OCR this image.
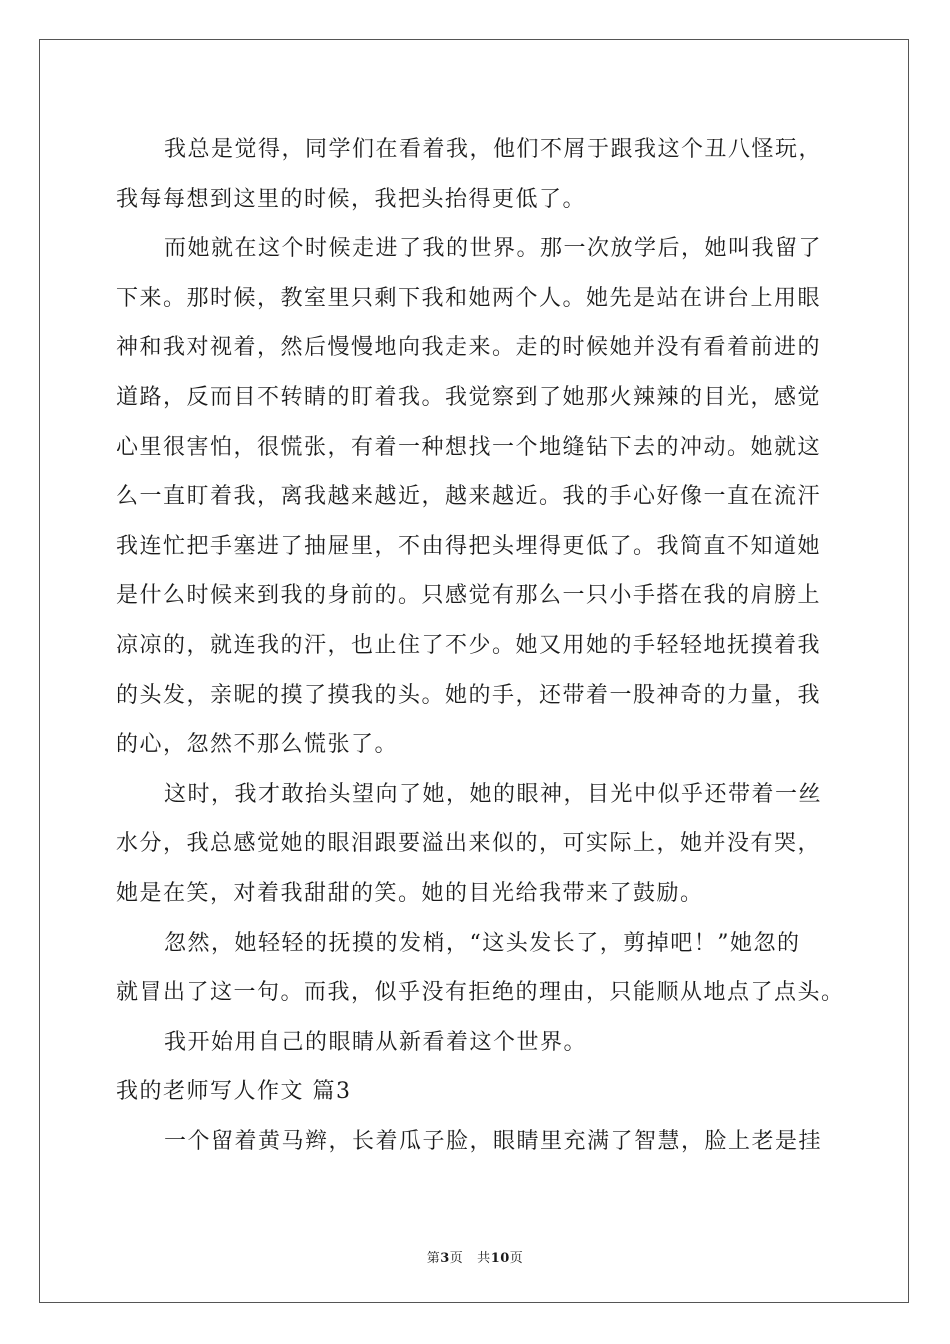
我总是觉得，同学们在看着我，他们不屑于跟我这个丑八怪玩，
我每每想到这里的时候，我把头抬得更低了。
而她就在这个时候走进了我的世界。那一次放学后，她叫我留了
下来。那时候，教室里只剩下我和她两个人。她先是站在讲台上用眼
神和我对视着，然后慢慢地向我走来。走的时候她并没有看着前进的
道路，反而目不转睛的盯着我。我觉察到了她那火辣辣的目光，感觉
心里很害怕，很慌张，有着一种想找一个地缝钻下去的冲动。她就这
么一直盯着我，离我越来越近，越来越近。我的手心好像一直在流汗
我连忙把手塞进了抽屉里，不由得把头埋得更低了。我简直不知道她
是什么时候来到我的身前的。只感觉有那么一只小手搭在我的肩膀上
凉凉的，就连我的汗，也止住了不少。她又用她的手轻轻地抚摸着我
的头发，亲昵的摸了摸我的头。她的手，还带着一股神奇的力量，我
的心，忽然不那么慌张了。
这时，我才敢抬头望向了她，她的眼神，目光中似乎还带着一丝
水分，我总感觉她的眼泪跟要溢出来似的，可实际上，她并没有哭，
她是在笑，对着我甜甜的笑。她的目光给我带来了鼓励。
忽然，她轻轻的抚摸的发梢，“这头发长了，剪掉吧！”她忽的
就冒出了这一句。而我，似乎没有拒绝的理由，只能顺从地点了点头。
我开始用自己的眼睛从新看着这个世界。
我的老师写人作文 篇3
一个留着黄马辫，长着瓜子脸，眼睛里充满了智慧，脸上老是挂
第3页 共10页
